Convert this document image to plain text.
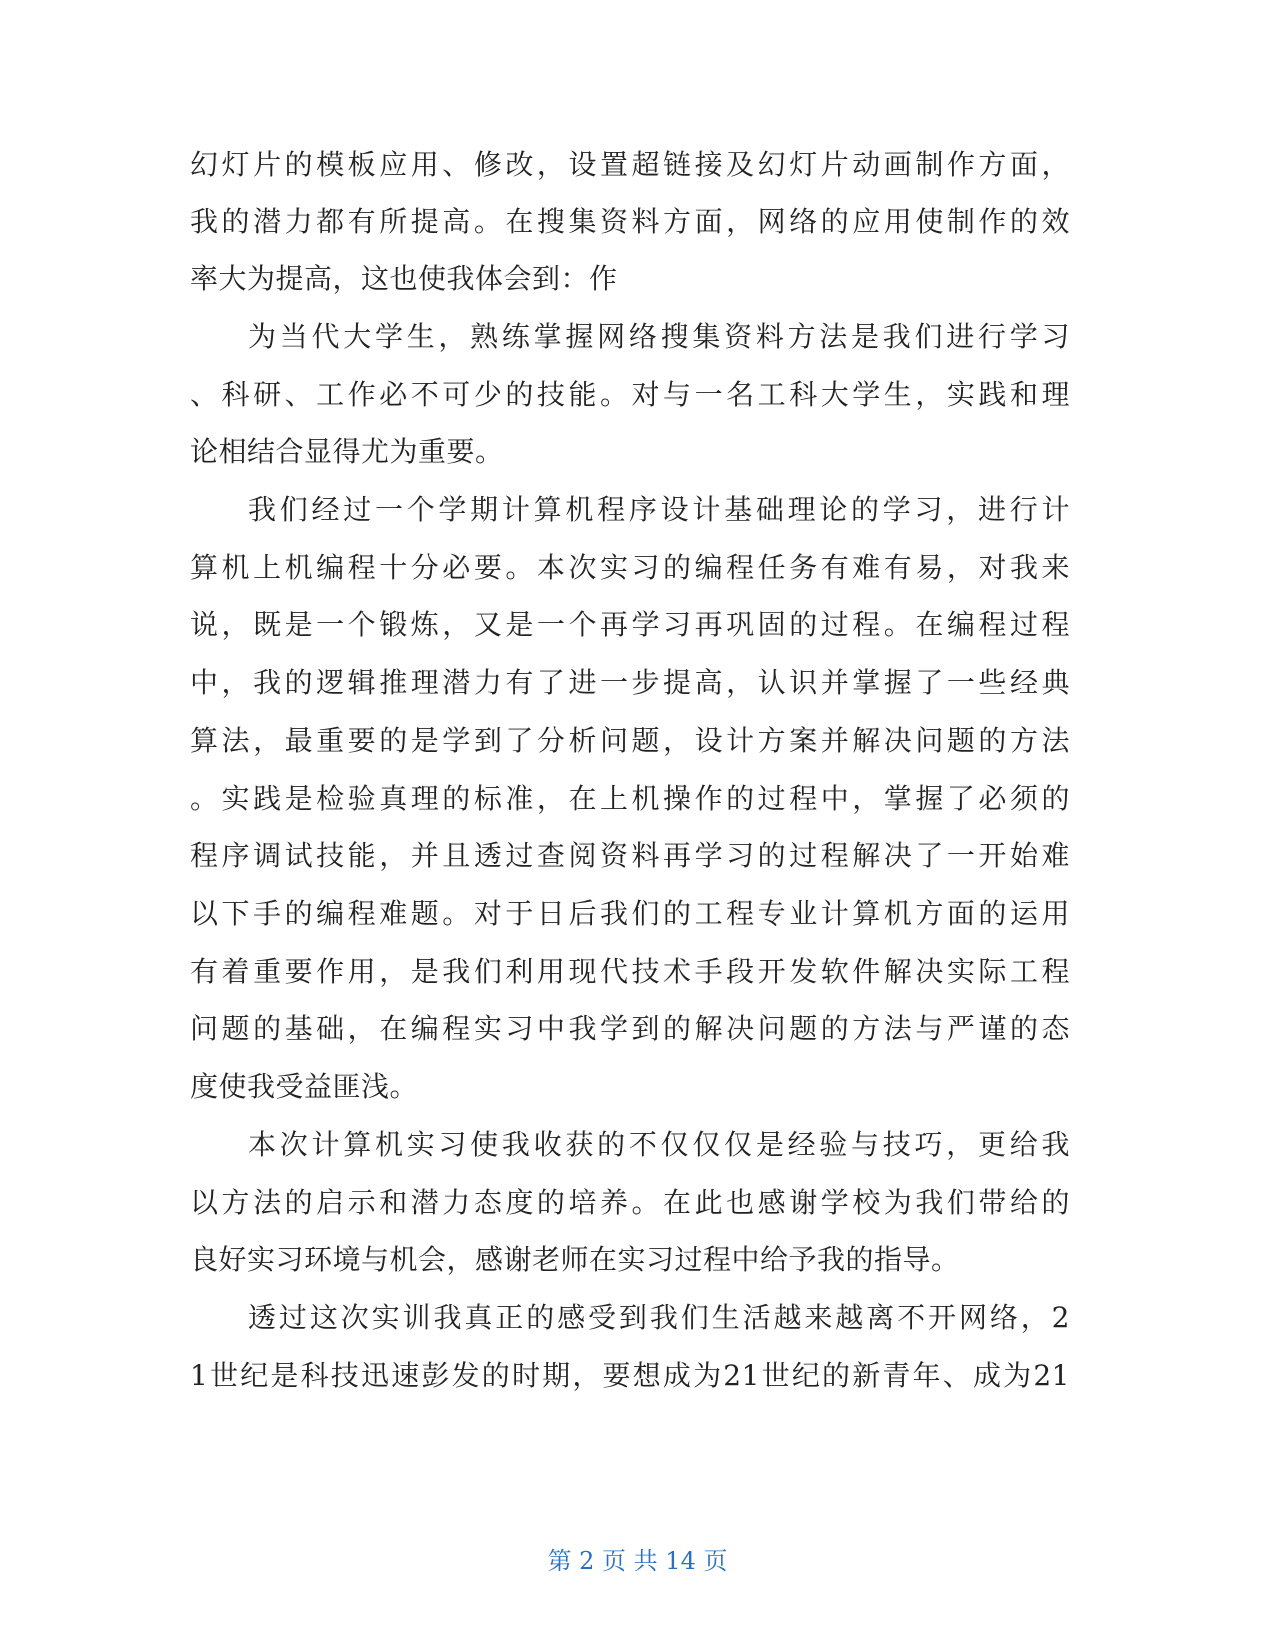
幻灯片的模板应用、修改，设置超链接及幻灯片动画制作方面，
我的潜力都有所提高。在搜集资料方面，网络的应用使制作的效
率大为提高，这也使我体会到：作
为当代大学生，熟练掌握网络搜集资料方法是我们进行学习
、科研、工作必不可少的技能。对与一名工科大学生，实践和理
论相结合显得尤为重要。
我们经过一个学期计算机程序设计基础理论的学习，进行计
算机上机编程十分必要。本次实习的编程任务有难有易，对我来
说，既是一个锻炼，又是一个再学习再巩固的过程。在编程过程
中，我的逻辑推理潜力有了进一步提高，认识并掌握了一些经典
算法，最重要的是学到了分析问题，设计方案并解决问题的方法
。实践是检验真理的标准，在上机操作的过程中，掌握了必须的
程序调试技能，并且透过查阅资料再学习的过程解决了一开始难
以下手的编程难题。对于日后我们的工程专业计算机方面的运用
有着重要作用，是我们利用现代技术手段开发软件解决实际工程
问题的基础，在编程实习中我学到的解决问题的方法与严谨的态
度使我受益匪浅。
本次计算机实习使我收获的不仅仅仅是经验与技巧，更给我
以方法的启示和潜力态度的培养。在此也感谢学校为我们带给的
良好实习环境与机会，感谢老师在实习过程中给予我的指导。
透过这次实训我真正的感受到我们生活越来越离不开网络，2
1世纪是科技迅速彭发的时期，要想成为21世纪的新青年、成为21
第 2 页 共 14 页
